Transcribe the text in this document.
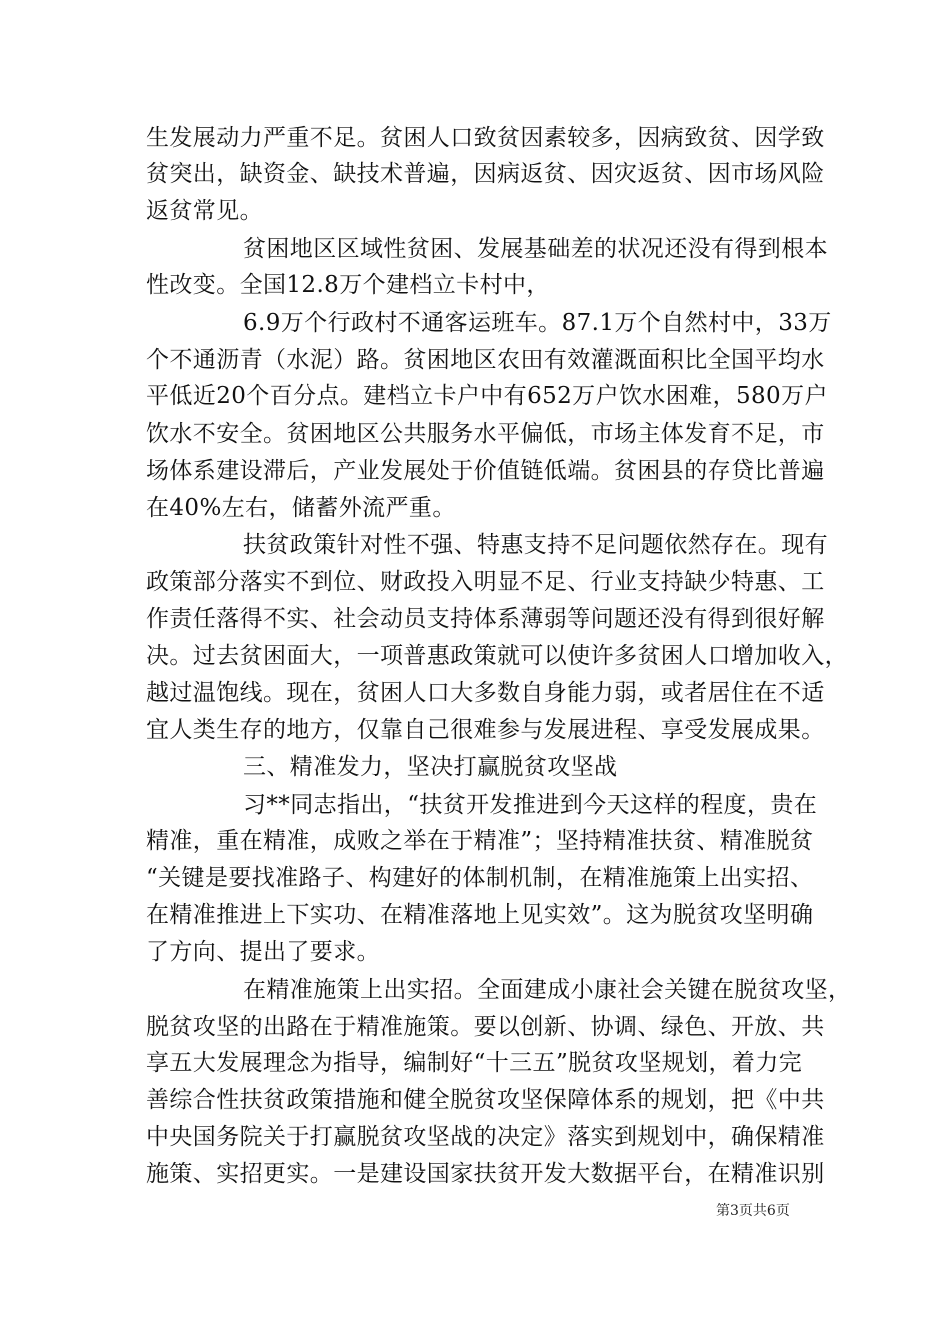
生发展动力严重不足。贫困人口致贫因素较多，因病致贫、因学致
贫突出，缺资金、缺技术普遍，因病返贫、因灾返贫、因市场风险
返贫常见。
贫困地区区域性贫困、发展基础差的状况还没有得到根本
性改变。全国12.8万个建档立卡村中，
6.9万个行政村不通客运班车。87.1万个自然村中，33万
个不通沥青（水泥）路。贫困地区农田有效灌溉面积比全国平均水
平低近20个百分点。建档立卡户中有652万户饮水困难，580万户
饮水不安全。贫困地区公共服务水平偏低，市场主体发育不足，市
场体系建设滞后，产业发展处于价值链低端。贫困县的存贷比普遍
在40%左右，储蓄外流严重。
扶贫政策针对性不强、特惠支持不足问题依然存在。现有
政策部分落实不到位、财政投入明显不足、行业支持缺少特惠、工
作责任落得不实、社会动员支持体系薄弱等问题还没有得到很好解
决。过去贫困面大，一项普惠政策就可以使许多贫困人口增加收入，
越过温饱线。现在，贫困人口大多数自身能力弱，或者居住在不适
宜人类生存的地方，仅靠自己很难参与发展进程、享受发展成果。
三、精准发力，坚决打赢脱贫攻坚战
习**同志指出，“扶贫开发推进到今天这样的程度，贵在
精准，重在精准，成败之举在于精准”；坚持精准扶贫、精准脱贫
“关键是要找准路子、构建好的体制机制，在精准施策上出实招、
在精准推进上下实功、在精准落地上见实效”。这为脱贫攻坚明确
了方向、提出了要求。
在精准施策上出实招。全面建成小康社会关键在脱贫攻坚，
脱贫攻坚的出路在于精准施策。要以创新、协调、绿色、开放、共
享五大发展理念为指导，编制好“十三五”脱贫攻坚规划，着力完
善综合性扶贫政策措施和健全脱贫攻坚保障体系的规划，把《中共
中央国务院关于打赢脱贫攻坚战的决定》落实到规划中，确保精准
施策、实招更实。一是建设国家扶贫开发大数据平台，在精准识别
第3页共6页
